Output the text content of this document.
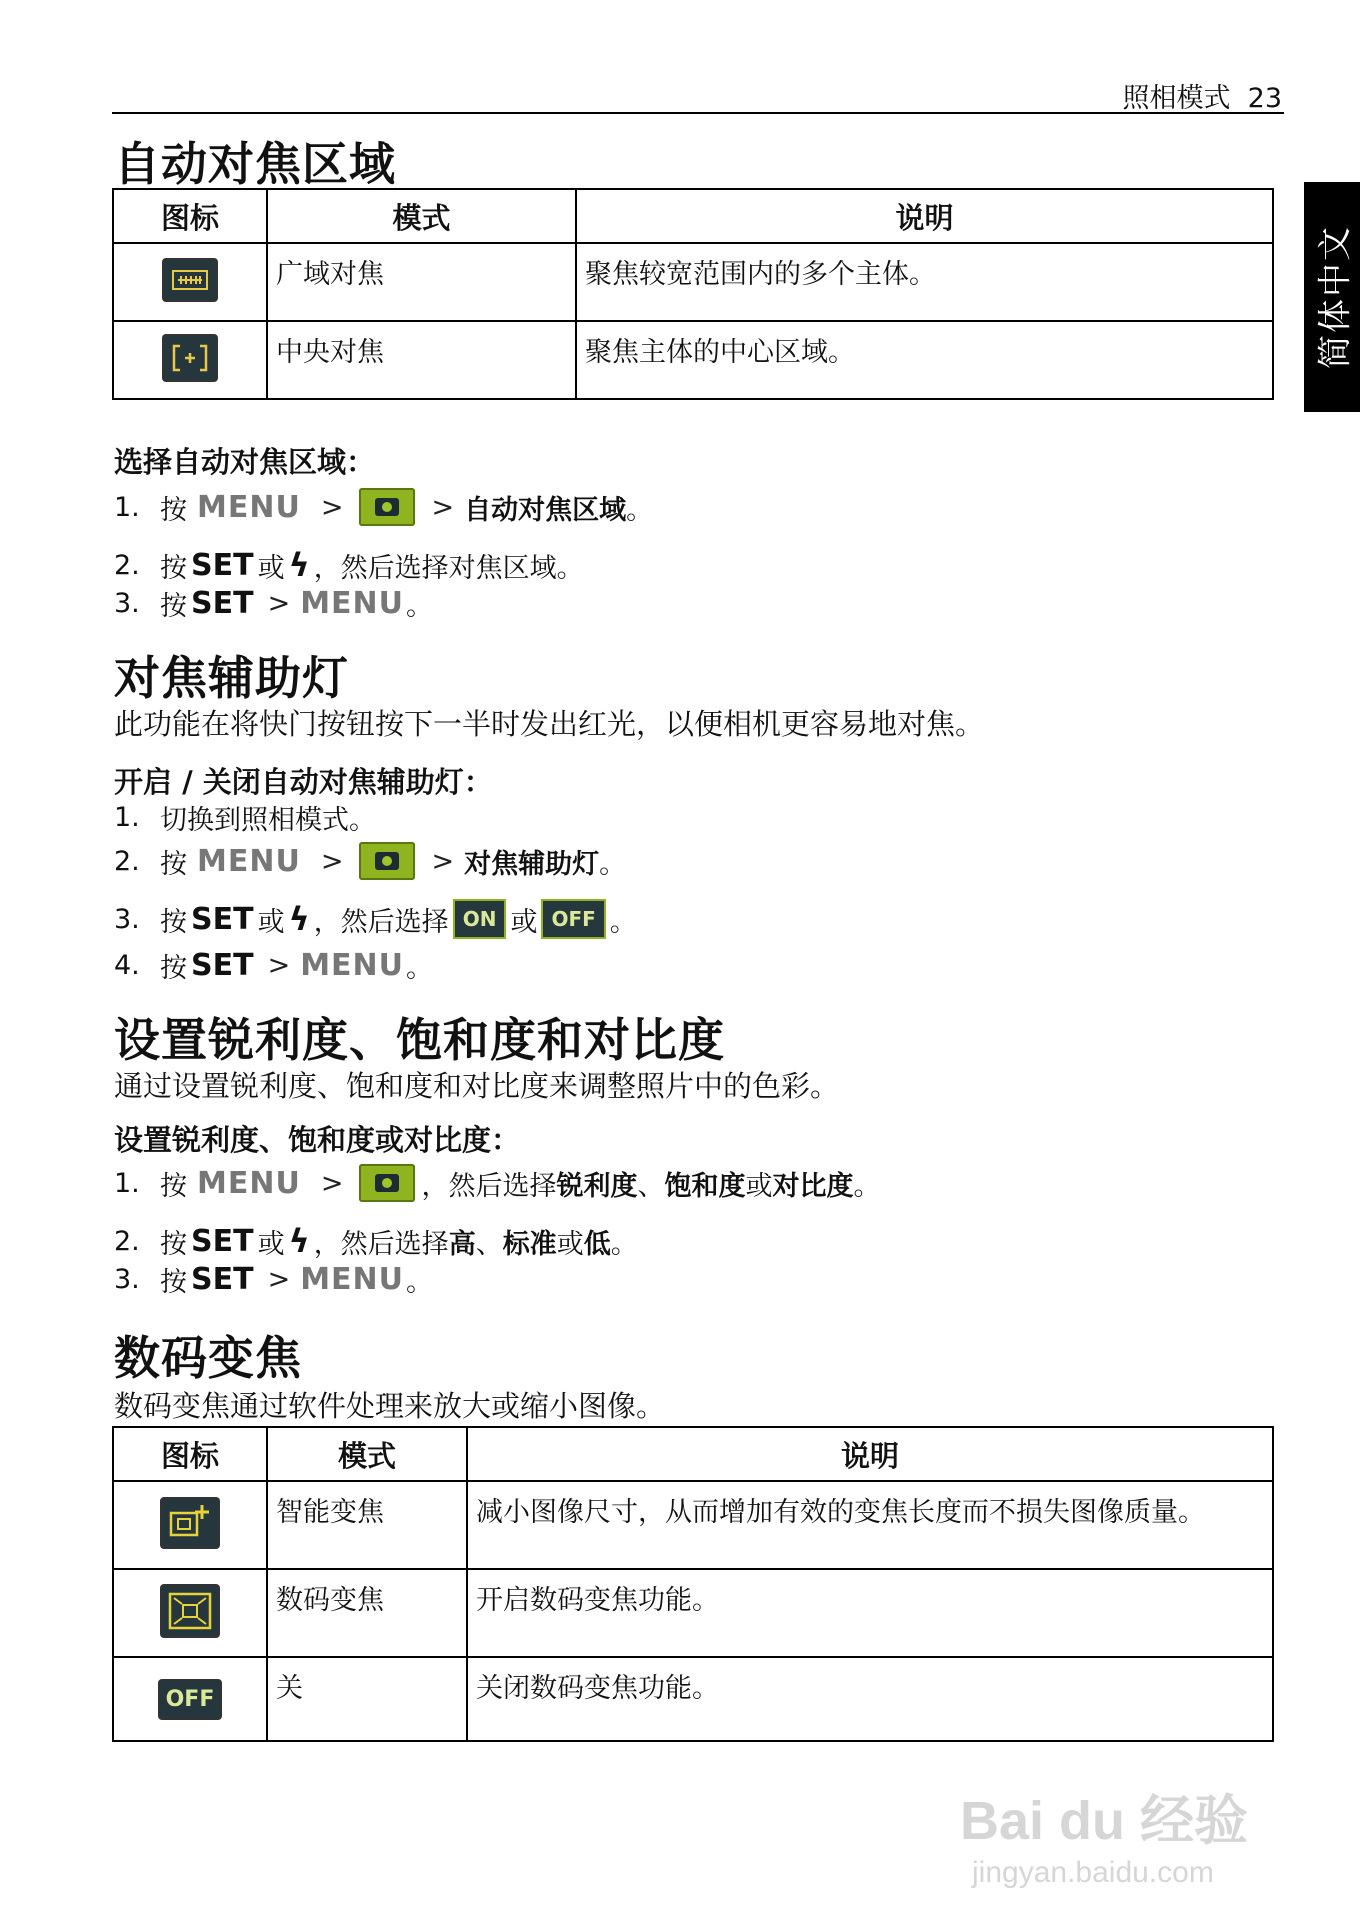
照相模式 23
简体中文
自动对焦区域
图标	模式	说明
	广域对焦	聚焦较宽范围内的多个主体。
	中央对焦	聚焦主体的中心区域。
选择自动对焦区域：
1. 按 MENU >	> 自动对焦区域 。
2. 按 SET 或 ϟ ，然后选择对焦区域。
3. 按 SET > MENU 。
对焦辅助灯
此功能在将快门按钮按下一半时发出红光，以便相机更容易地对焦。
开启 / 关闭自动对焦辅助灯：
1. 切换到照相模式。
2. 按 MENU >	> 对焦辅助灯 。
3. 按 SET 或 ϟ ，然后选择 ON 或 OFF 。
4. 按 SET > MENU 。
设置锐利度、饱和度和对比度
通过设置锐利度、饱和度和对比度来调整照片中的色彩。
设置锐利度、饱和度或对比度：
1. 按 MENU >	，然后选择 锐利度 、 饱和度 或 对比度 。
2. 按 SET 或 ϟ ，然后选择 高 、 标准 或 低 。
3. 按 SET > MENU 。
数码变焦
数码变焦通过软件处理来放大或缩小图像。
图标	模式	说明
	智能变焦	减小图像尺寸，从而增加有效的变焦长度而不损失图像质量。
	数码变焦	开启数码变焦功能。
OFF	关	关闭数码变焦功能。
Bai du 经验
jingyan.baidu.com
